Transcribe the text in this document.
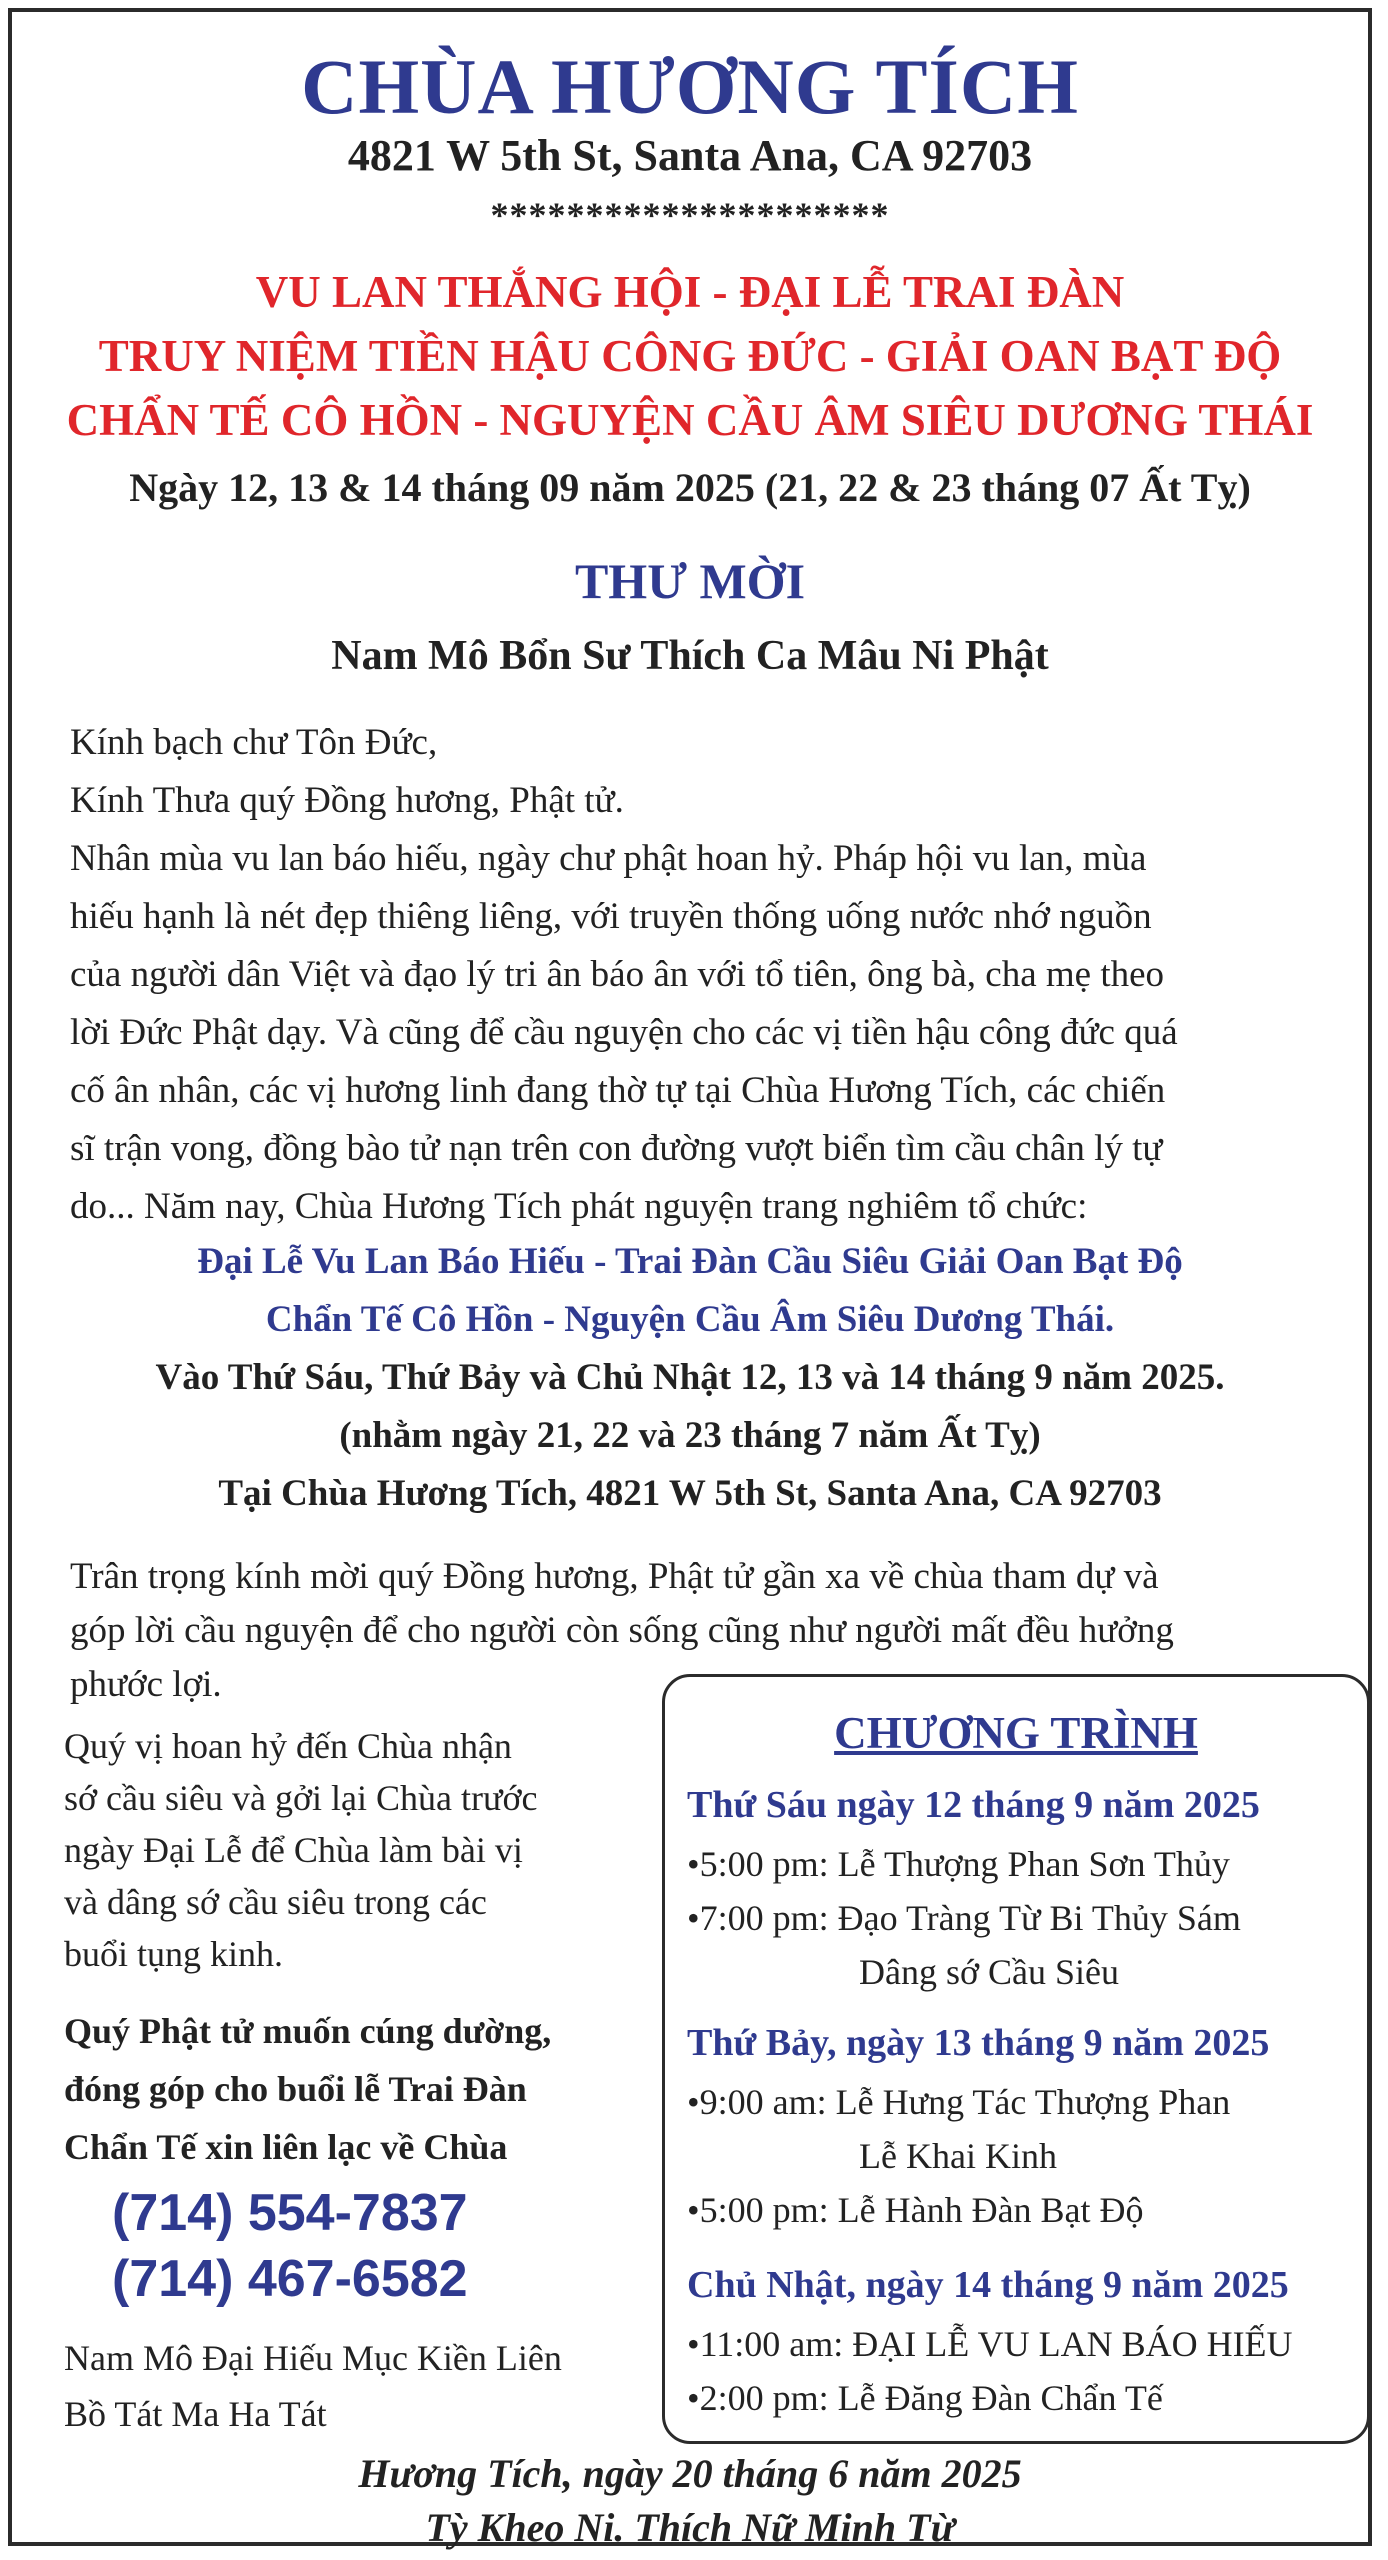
CHÙA HƯƠNG TÍCH
4821 W 5th St, Santa Ana, CA 92703
*********************
VU LAN THẮNG HỘI - ĐẠI LỄ TRAI ĐÀN
TRUY NIỆM TIỀN HẬU CÔNG ĐỨC - GIẢI OAN BẠT ĐỘ
CHẨN TẾ CÔ HỒN - NGUYỆN CẦU ÂM SIÊU DƯƠNG THÁI
Ngày 12, 13 & 14 tháng 09 năm 2025 (21, 22 & 23 tháng 07 Ất Tỵ)
THƯ MỜI
Nam Mô Bổn Sư Thích Ca Mâu Ni Phật
Kính bạch chư Tôn Đức,
Kính Thưa quý Đồng hương, Phật tử.
Nhân mùa vu lan báo hiếu, ngày chư phật hoan hỷ. Pháp hội vu lan, mùa
hiếu hạnh là nét đẹp thiêng liêng, với truyền thống uống nước nhớ nguồn
của người dân Việt và đạo lý tri ân báo ân với tổ tiên, ông bà, cha mẹ theo
lời Đức Phật dạy. Và cũng để cầu nguyện cho các vị tiền hậu công đức quá
cố ân nhân, các vị hương linh đang thờ tự tại Chùa Hương Tích, các chiến
sĩ trận vong, đồng bào tử nạn trên con đường vượt biển tìm cầu chân lý tự
do... Năm nay, Chùa Hương Tích phát nguyện trang nghiêm tổ chức:
Đại Lễ Vu Lan Báo Hiếu - Trai Đàn Cầu Siêu Giải Oan Bạt Độ
Chẩn Tế Cô Hồn - Nguyện Cầu Âm Siêu Dương Thái.
Vào Thứ Sáu, Thứ Bảy và Chủ Nhật 12, 13 và 14 tháng 9 năm 2025.
(nhằm ngày 21, 22 và 23 tháng 7 năm Ất Tỵ)
Tại Chùa Hương Tích, 4821 W 5th St, Santa Ana, CA 92703
Trân trọng kính mời quý Đồng hương, Phật tử gần xa về chùa tham dự và
góp lời cầu nguyện để cho người còn sống cũng như người mất đều hưởng
phước lợi.
Quý vị hoan hỷ đến Chùa nhận
sớ cầu siêu và gởi lại Chùa trước
ngày Đại Lễ để Chùa làm bài vị
và dâng sớ cầu siêu trong các
buổi tụng kinh.
Quý Phật tử muốn cúng dường,
đóng góp cho buổi lễ Trai Đàn
Chẩn Tế xin liên lạc về Chùa
(714) 554-7837
(714) 467-6582
Nam Mô Đại Hiếu Mục Kiền Liên
Bồ Tát Ma Ha Tát
CHƯƠNG TRÌNH
Thứ Sáu ngày 12 tháng 9 năm 2025
•5:00 pm: Lễ Thượng Phan Sơn Thủy
•7:00 pm: Đạo Tràng Từ Bi Thủy Sám
Dâng sớ Cầu Siêu
Thứ Bảy, ngày 13 tháng 9 năm 2025
•9:00 am: Lễ Hưng Tác Thượng Phan
Lễ Khai Kinh
•5:00 pm: Lễ Hành Đàn Bạt Độ
Chủ Nhật, ngày 14 tháng 9 năm 2025
•11:00 am: ĐẠI LỄ VU LAN BÁO HIẾU
•2:00 pm: Lễ Đăng Đàn Chẩn Tế
Hương Tích, ngày 20 tháng 6 năm 2025
Tỳ Kheo Ni. Thích Nữ Minh Từ
